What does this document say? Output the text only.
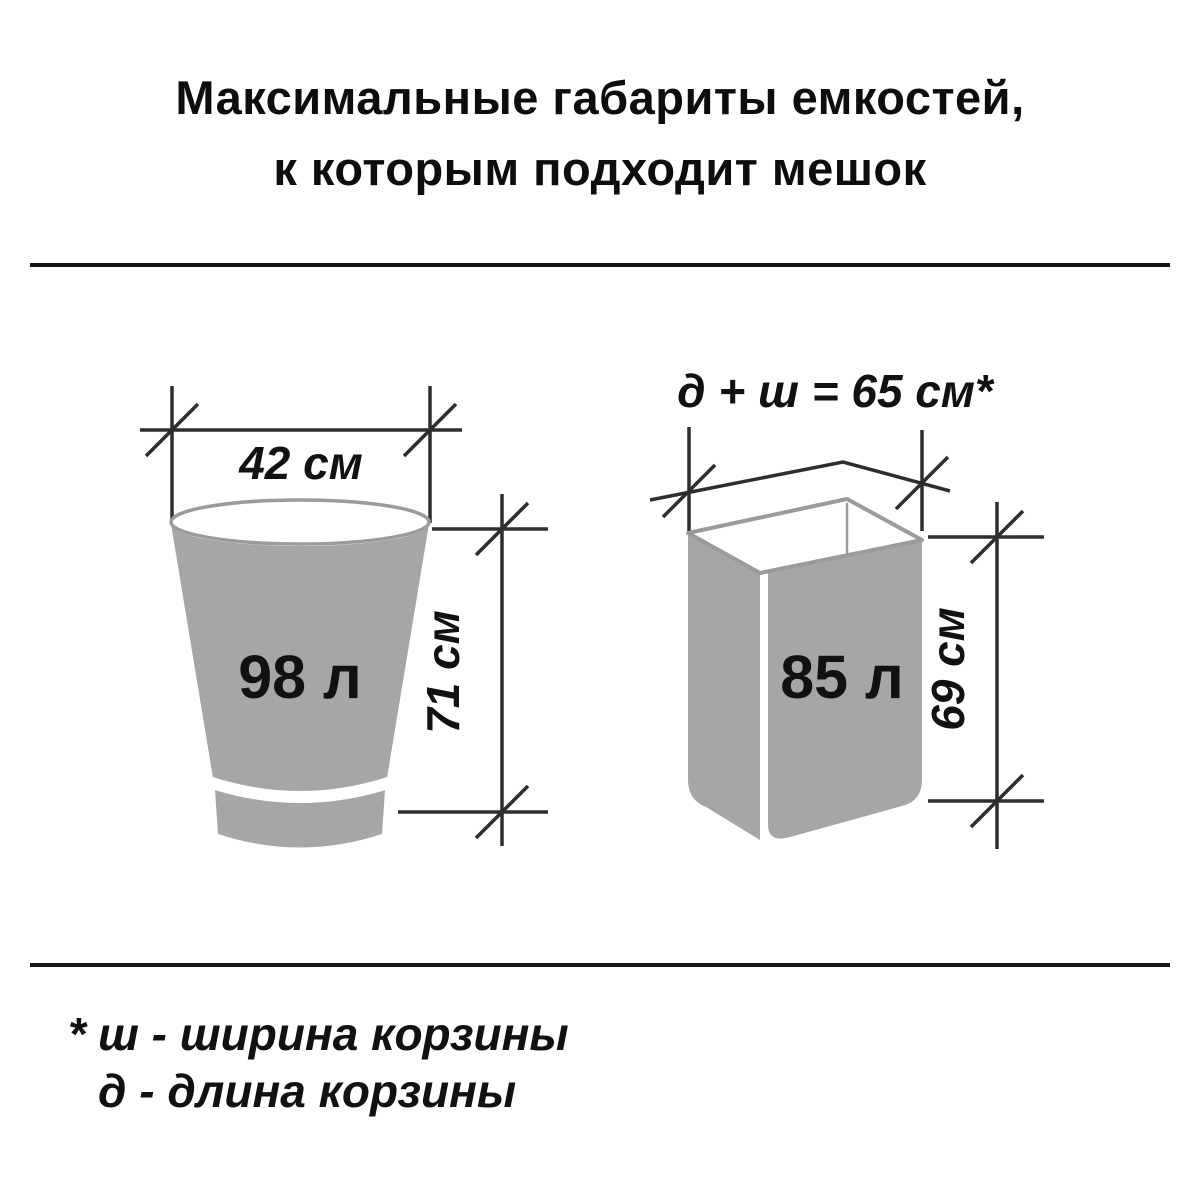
Максимальные габариты емкостей,
к которым подходит мешок
42 см
98 л 71 см
д + ш = 65 см*
85 л 69 см
* ш - ширина корзины
д - длина корзины
